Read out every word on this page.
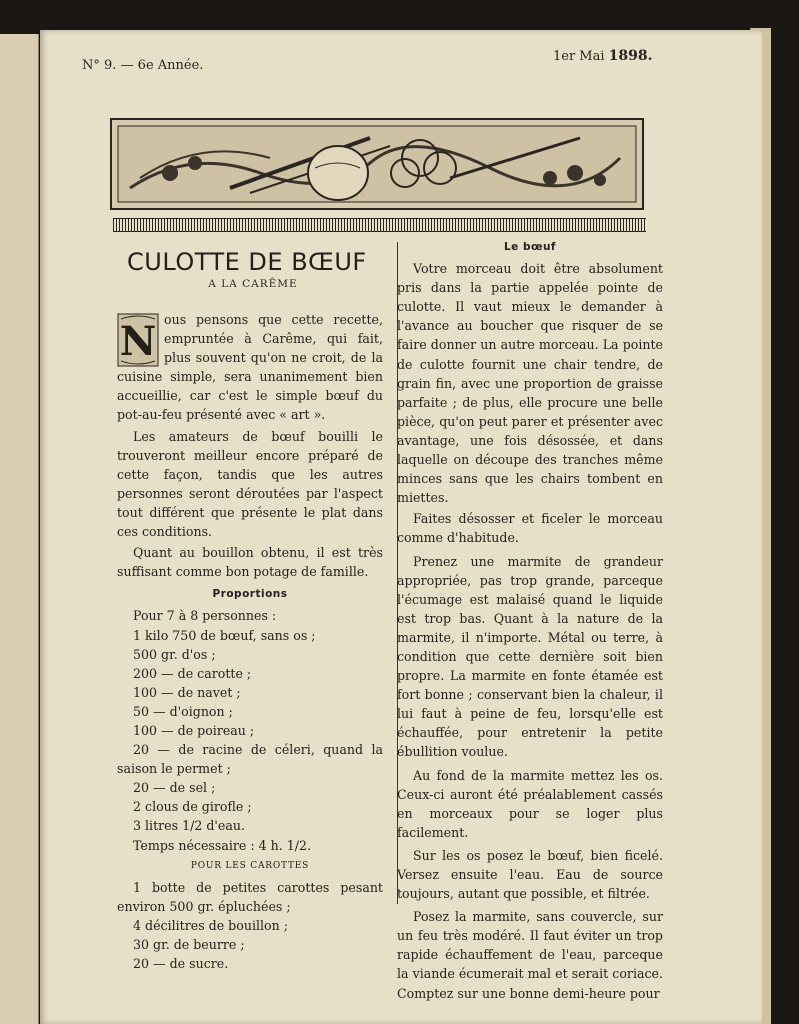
N° 9. — 6e Année.
1er Mai 1898.
CULOTTE DE BŒUF
A LA CARÊME
N ous pensons que cette recette, empruntée à Carême, qui fait, plus souvent qu'on ne croit, de la cuisine simple, sera unanimement bien accueillie, car c'est le simple bœuf du pot-au-feu présenté avec « art ».

Les amateurs de bœuf bouilli le trouveront meilleur encore préparé de cette façon, tandis que les autres personnes seront déroutées par l'aspect tout différent que présente le plat dans ces conditions.

Quant au bouillon obtenu, il est très suffisant comme bon potage de famille.

Proportions

Pour 7 à 8 personnes :

1 kilo 750 de bœuf, sans os ;

500 gr. d'os ;

200 — de carotte ;

100 — de navet ;

50 — d'oignon ;

100 — de poireau ;

20 — de racine de céleri, quand la saison le permet ;

20 — de sel ;

2 clous de girofle ;

3 litres 1/2 d'eau.

Temps nécessaire : 4 h. 1/2.

POUR LES CAROTTES

1 botte de petites carottes pesant environ 500 gr. épluchées ;

4 décilitres de bouillon ;

30 gr. de beurre ;

20 — de sucre.

Le bœuf

Votre morceau doit être absolument pris dans la partie appelée pointe de culotte. Il vaut mieux le demander à l'avance au boucher que risquer de se faire donner un autre morceau. La pointe de culotte fournit une chair tendre, de grain fin, avec une proportion de graisse parfaite ; de plus, elle procure une belle pièce, qu'on peut parer et présenter avec avantage, une fois désossée, et dans laquelle on découpe des tranches même minces sans que les chairs tombent en miettes.

Faites désosser et ficeler le morceau comme d'habitude.

Prenez une marmite de grandeur appropriée, pas trop grande, parceque l'écumage est malaisé quand le liquide est trop bas. Quant à la nature de la marmite, il n'importe. Métal ou terre, à condition que cette dernière soit bien propre. La marmite en fonte étamée est fort bonne ; conservant bien la chaleur, il lui faut à peine de feu, lorsqu'elle est échauffée, pour entretenir la petite ébullition voulue.

Au fond de la marmite mettez les os. Ceux-ci auront été préalablement cassés en morceaux pour se loger plus facilement.

Sur les os posez le bœuf, bien ficelé. Versez ensuite l'eau. Eau de source toujours, autant que possible, et filtrée.

Posez la marmite, sans couvercle, sur un feu très modéré. Il faut éviter un trop rapide échauffement de l'eau, parceque la viande écumerait mal et serait coriace. Comptez sur une bonne demi-heure pour
